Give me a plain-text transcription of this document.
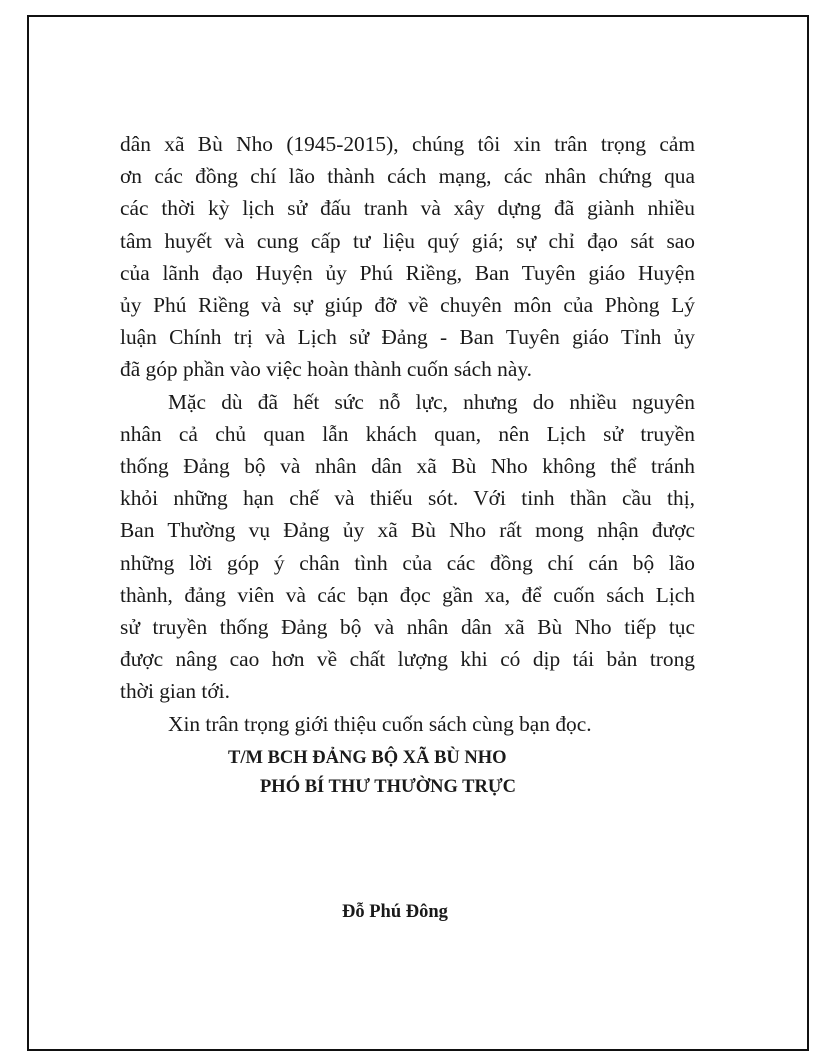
dân xã Bù Nho (1945-2015), chúng tôi xin trân trọng cảm
ơn các đồng chí lão thành cách mạng, các nhân chứng qua
các thời kỳ lịch sử đấu tranh và xây dựng đã giành nhiều
tâm huyết và cung cấp tư liệu quý giá; sự chỉ đạo sát sao
của lãnh đạo Huyện ủy Phú Riềng, Ban Tuyên giáo Huyện
ủy Phú Riềng và sự giúp đỡ về chuyên môn của Phòng Lý
luận Chính trị và Lịch sử Đảng - Ban Tuyên giáo Tỉnh ủy
đã góp phần vào việc hoàn thành cuốn sách này.
Mặc dù đã hết sức nỗ lực, nhưng do nhiều nguyên
nhân cả chủ quan lẫn khách quan, nên Lịch sử truyền
thống Đảng bộ và nhân dân xã Bù Nho không thể tránh
khỏi những hạn chế và thiếu sót. Với tinh thần cầu thị,
Ban Thường vụ Đảng ủy xã Bù Nho rất mong nhận được
những lời góp ý chân tình của các đồng chí cán bộ lão
thành, đảng viên và các bạn đọc gần xa, để cuốn sách Lịch
sử truyền thống Đảng bộ và nhân dân xã Bù Nho tiếp tục
được nâng cao hơn về chất lượng khi có dịp tái bản trong
thời gian tới.
Xin trân trọng giới thiệu cuốn sách cùng bạn đọc.
T/M BCH ĐẢNG BỘ XÃ BÙ NHO
PHÓ BÍ THƯ THƯỜNG TRỰC
Đỗ Phú Đông
